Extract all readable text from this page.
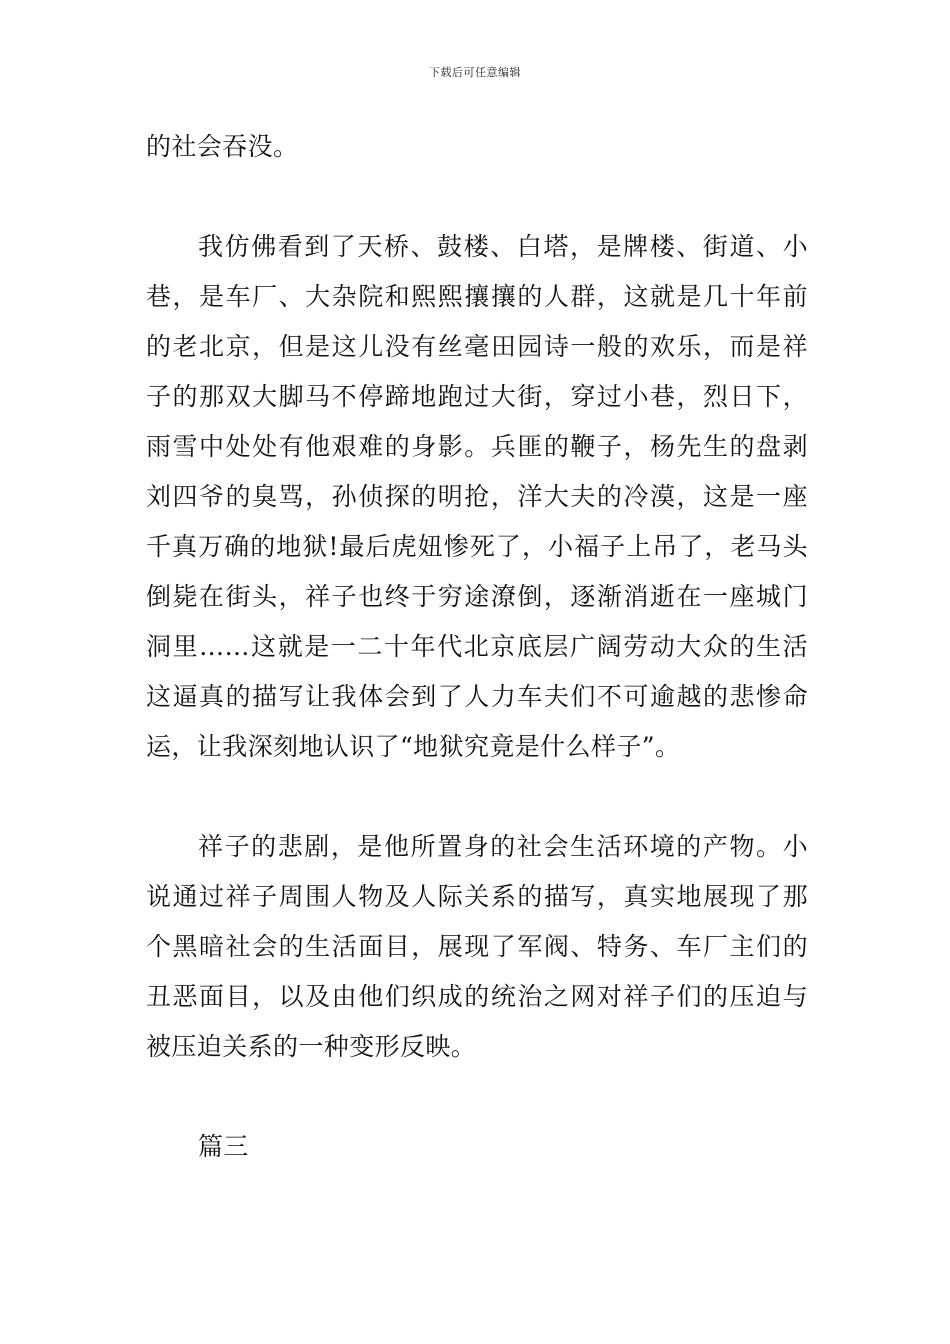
下载后可任意编辑
的社会吞没。
我仿佛看到了天桥、鼓楼、白塔，是牌楼、街道、小
巷，是车厂、大杂院和熙熙攘攘的人群，这就是几十年前
的老北京，但是这儿没有丝毫田园诗一般的欢乐，而是祥
子的那双大脚马不停蹄地跑过大街，穿过小巷，烈日下，
雨雪中处处有他艰难的身影。兵匪的鞭子，杨先生的盘剥
刘四爷的臭骂，孙侦探的明抢，洋大夫的冷漠，这是一座
千真万确的地狱!最后虎妞惨死了，小福子上吊了，老马头
倒毙在街头，祥子也终于穷途潦倒，逐渐消逝在一座城门
洞里……这就是一二十年代北京底层广阔劳动大众的生活
这逼真的描写让我体会到了人力车夫们不可逾越的悲惨命
运，让我深刻地认识了“地狱究竟是什么样子”。
祥子的悲剧，是他所置身的社会生活环境的产物。小
说通过祥子周围人物及人际关系的描写，真实地展现了那
个黑暗社会的生活面目，展现了军阀、特务、车厂主们的
丑恶面目，以及由他们织成的统治之网对祥子们的压迫与
被压迫关系的一种变形反映。
篇三
